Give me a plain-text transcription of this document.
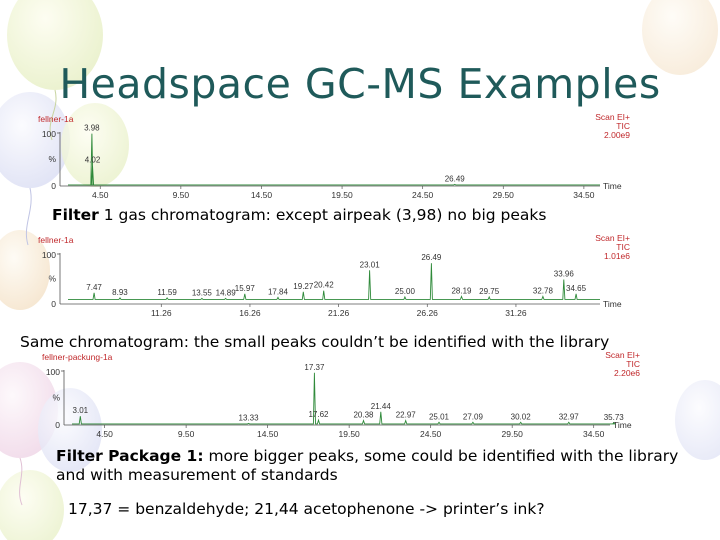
Headspace GC-MS Examples
fellner-1a	Scan EI+
TIC
2.00e9
100
%
0
4.50	9.50	14.50	19.50	24.50	29.50	34.50
Time
3.98
4.02
26.49
fellner-1a	Scan EI+
TIC
1.01e6
100
%
0
11.26	16.26	21.26	26.26	31.26
Time
7.47
8.93	11.59 13.55 14.89
15.97 17.84
19.27 20.42
23.01
25.00
26.49
28.19 29.75	32.78
33.96
34.65
fellner-packung-1a	Scan EI+
TIC
2.20e6
100
%
0
4.50	9.50	14.50	19.50	24.50	29.50	34.50
Time
3.01
13.33
17.37
17.62	20.38
21.44
22.97 25.01 27.09	30.02	32.97	35.73
Filter 1 gas chromatogram: except airpeak (3,98) no big peaks
Same chromatogram: the small peaks couldn’t be identified with the library
Filter Package 1: more bigger peaks, some could be identified with the library and with measurement of standards
17,37 = benzaldehyde; 21,44 acetophenone -> printer’s ink?
